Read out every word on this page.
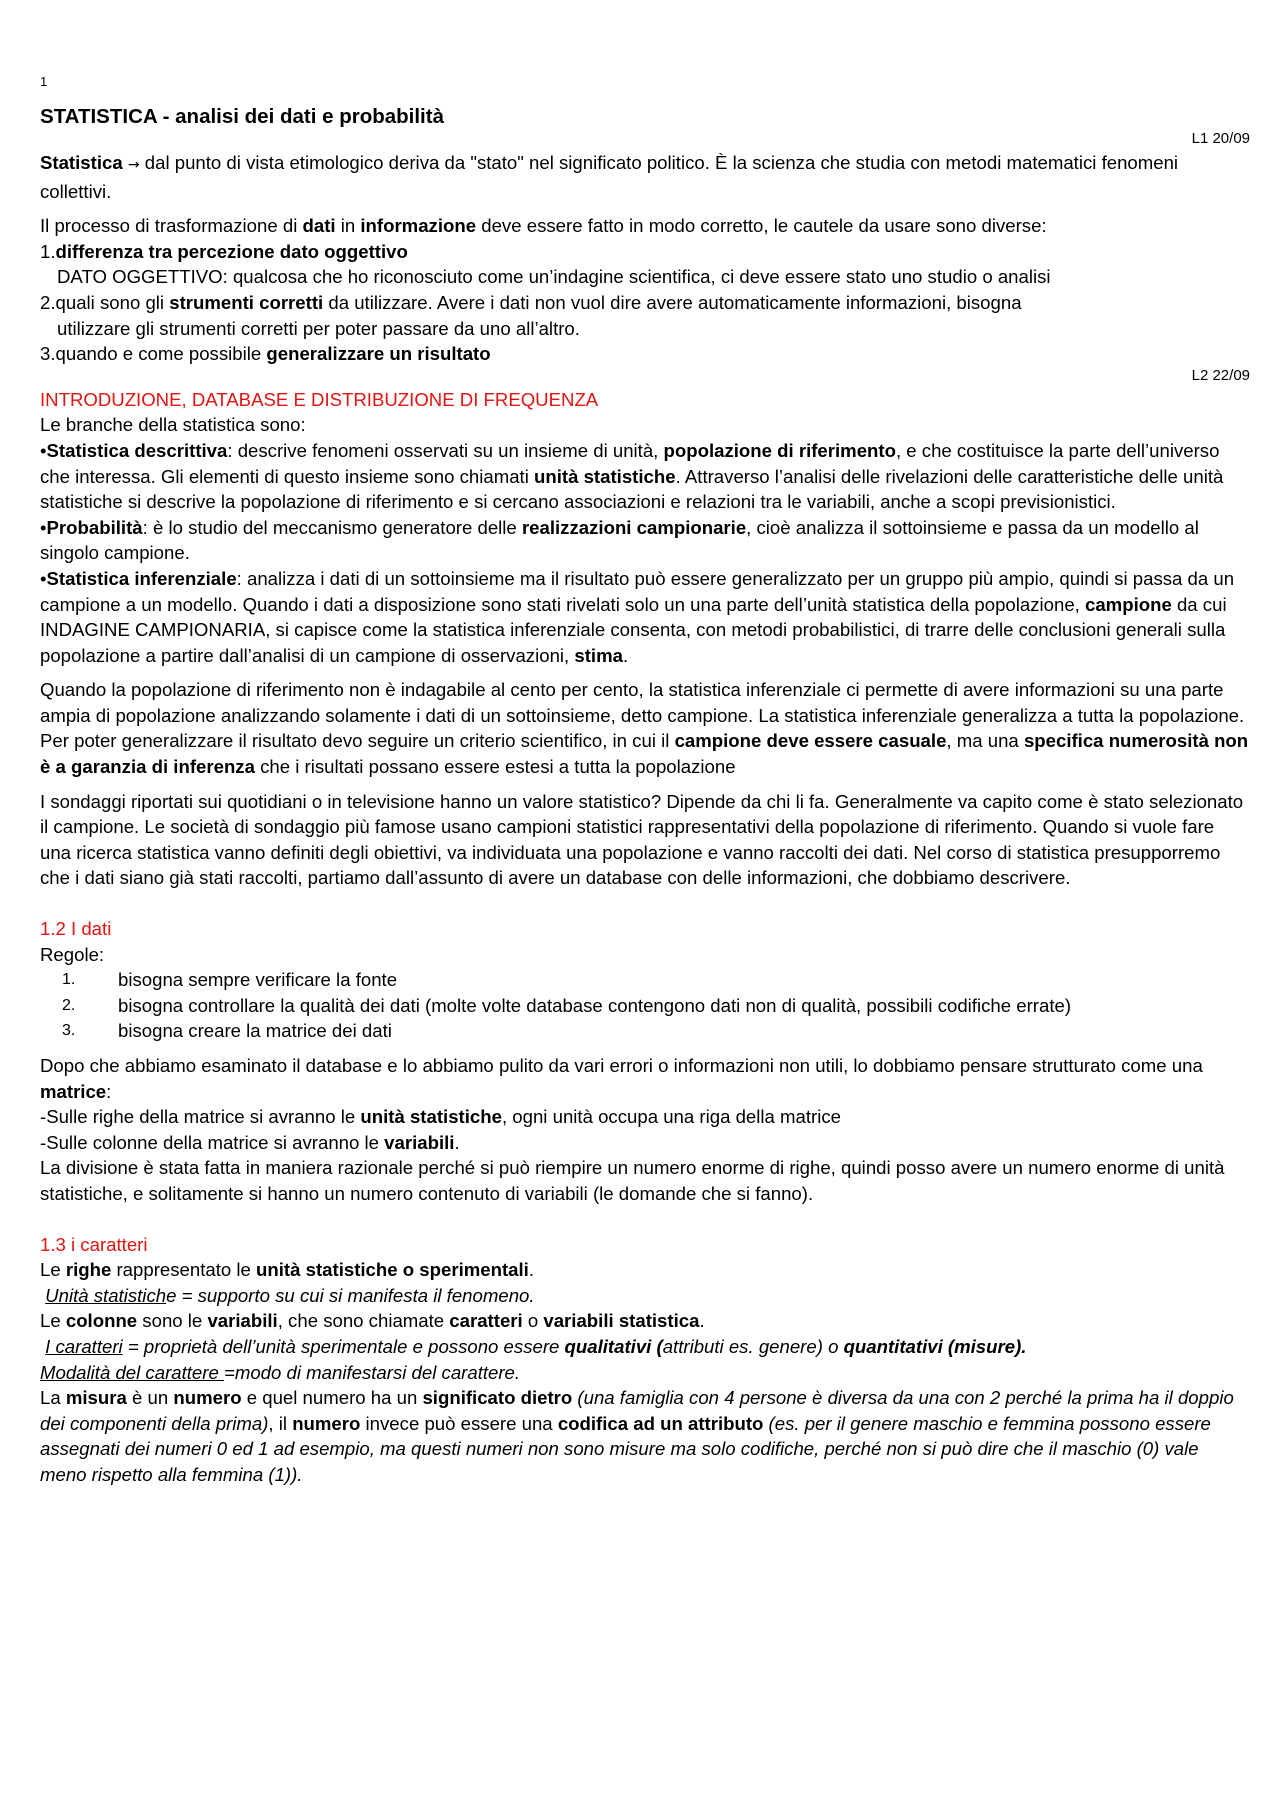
1
STATISTICA - analisi dei dati e probabilità
L1 20/09

Statistica → dal punto di vista etimologico deriva da "stato" nel significato politico. È la scienza che studia con metodi matematici fenomeni collettivi.

Il processo di trasformazione di dati in informazione deve essere fatto in modo corretto, le cautele da usare sono diverse:

1.differenza tra percezione dato oggettivo

DATO OGGETTIVO: qualcosa che ho riconosciuto come un’indagine scientifica, ci deve essere stato uno studio o analisi

2.quali sono gli strumenti corretti da utilizzare. Avere i dati non vuol dire avere automaticamente informazioni, bisogna

utilizzare gli strumenti corretti per poter passare da uno all’altro.

3.quando e come possibile generalizzare un risultato

L2 22/09

INTRODUZIONE, DATABASE E DISTRIBUZIONE DI FREQUENZA

Le branche della statistica sono:

•Statistica descrittiva: descrive fenomeni osservati su un insieme di unità, popolazione di riferimento, e che costituisce la parte dell’universo che interessa. Gli elementi di questo insieme sono chiamati unità statistiche. Attraverso l’analisi delle rivelazioni delle caratteristiche delle unità statistiche si descrive la popolazione di riferimento e si cercano associazioni e relazioni tra le variabili, anche a scopi previsionistici.

•Probabilità: è lo studio del meccanismo generatore delle realizzazioni campionarie, cioè analizza il sottoinsieme e passa da un modello al singolo campione.

•Statistica inferenziale: analizza i dati di un sottoinsieme ma il risultato può essere generalizzato per un gruppo più ampio, quindi si passa da un campione a un modello. Quando i dati a disposizione sono stati rivelati solo un una parte dell’unità statistica della popolazione, campione da cui INDAGINE CAMPIONARIA, si capisce come la statistica inferenziale consenta, con metodi probabilistici, di trarre delle conclusioni generali sulla popolazione a partire dall’analisi di un campione di osservazioni, stima.

Quando la popolazione di riferimento non è indagabile al cento per cento, la statistica inferenziale ci permette di avere informazioni su una parte ampia di popolazione analizzando solamente i dati di un sottoinsieme, detto campione. La statistica inferenziale generalizza a tutta la popolazione.

Per poter generalizzare il risultato devo seguire un criterio scientifico, in cui il campione deve essere casuale, ma una specifica numerosità non è a garanzia di inferenza che i risultati possano essere estesi a tutta la popolazione

I sondaggi riportati sui quotidiani o in televisione hanno un valore statistico? Dipende da chi li fa. Generalmente va capito come è stato selezionato il campione. Le società di sondaggio più famose usano campioni statistici rappresentativi della popolazione di riferimento. Quando si vuole fare una ricerca statistica vanno definiti degli obiettivi, va individuata una popolazione e vanno raccolti dei dati. Nel corso di statistica presupporremo che i dati siano già stati raccolti, partiamo dall’assunto di avere un database con delle informazioni, che dobbiamo descrivere.

1.2 I dati

Regole:

1. bisogna sempre verificare la fonte
2. bisogna controllare la qualità dei dati (molte volte database contengono dati non di qualità, possibili codifiche errate)
3. bisogna creare la matrice dei dati

Dopo che abbiamo esaminato il database e lo abbiamo pulito da vari errori o informazioni non utili, lo dobbiamo pensare strutturato come una matrice:

-Sulle righe della matrice si avranno le unità statistiche, ogni unità occupa una riga della matrice

-Sulle colonne della matrice si avranno le variabili.

La divisione è stata fatta in maniera razionale perché si può riempire un numero enorme di righe, quindi posso avere un numero enorme di unità statistiche, e solitamente si hanno un numero contenuto di variabili (le domande che si fanno).

1.3 i caratteri

Le righe rappresentato le unità statistiche o sperimentali.

Unità statistiche = supporto su cui si manifesta il fenomeno.

Le colonne sono le variabili, che sono chiamate caratteri o variabili statistica.

I caratteri = proprietà dell’unità sperimentale e possono essere qualitativi (attributi es. genere) o quantitativi (misure).

Modalità del carattere =modo di manifestarsi del carattere.

La misura è un numero e quel numero ha un significato dietro (una famiglia con 4 persone è diversa da una con 2 perché la prima ha il doppio dei componenti della prima), il numero invece può essere una codifica ad un attributo (es. per il genere maschio e femmina possono essere assegnati dei numeri 0 ed 1 ad esempio, ma questi numeri non sono misure ma solo codifiche, perché non si può dire che il maschio (0) vale meno rispetto alla femmina (1)).
